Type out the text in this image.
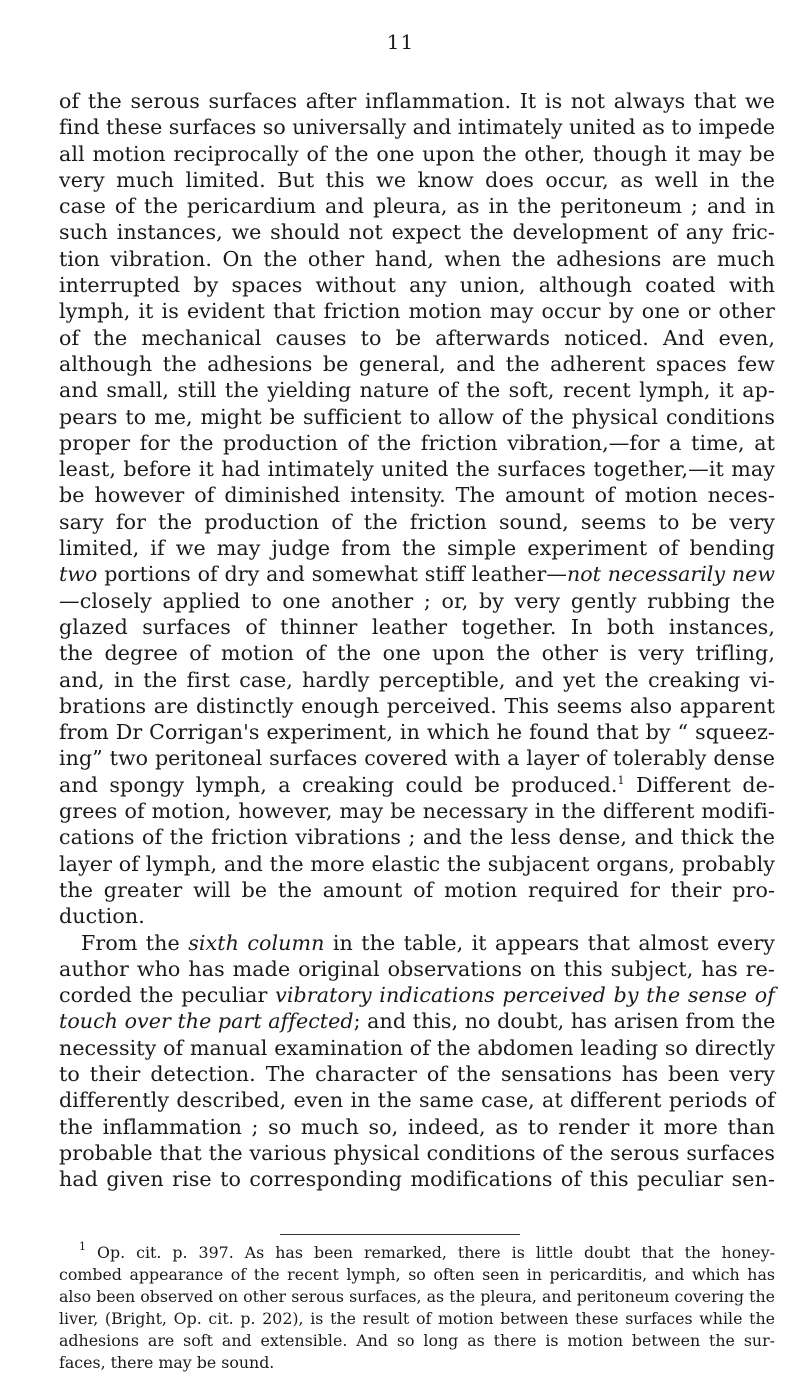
11
of the serous surfaces after inflammation. It is not always that we
find these surfaces so universally and intimately united as to impede
all motion reciprocally of the one upon the other, though it may be
very much limited. But this we know does occur, as well in the
case of the pericardium and pleura, as in the peritoneum ; and in
such instances, we should not expect the development of any fric-
tion vibration. On the other hand, when the adhesions are much
interrupted by spaces without any union, although coated with
lymph, it is evident that friction motion may occur by one or other
of the mechanical causes to be afterwards noticed. And even,
although the adhesions be general, and the adherent spaces few
and small, still the yielding nature of the soft, recent lymph, it ap-
pears to me, might be sufficient to allow of the physical conditions
proper for the production of the friction vibration,—for a time, at
least, before it had intimately united the surfaces together,—it may
be however of diminished intensity. The amount of motion neces-
sary for the production of the friction sound, seems to be very
limited, if we may judge from the simple experiment of bending
two portions of dry and somewhat stiff leather—not necessarily new
—closely applied to one another ; or, by very gently rubbing the
glazed surfaces of thinner leather together. In both instances,
the degree of motion of the one upon the other is very trifling,
and, in the first case, hardly perceptible, and yet the creaking vi-
brations are distinctly enough perceived. This seems also apparent
from Dr Corrigan's experiment, in which he found that by “ squeez-
ing” two peritoneal surfaces covered with a layer of tolerably dense
and spongy lymph, a creaking could be produced.$^1$ Different de-
grees of motion, however, may be necessary in the different modifi-
cations of the friction vibrations ; and the less dense, and thick the
layer of lymph, and the more elastic the subjacent organs, probably
the greater will be the amount of motion required for their pro-
duction.
From the sixth column in the table, it appears that almost every
author who has made original observations on this subject, has re-
corded the peculiar vibratory indications perceived by the sense of
touch over the part affected; and this, no doubt, has arisen from the
necessity of manual examination of the abdomen leading so directly
to their detection. The character of the sensations has been very
differently described, even in the same case, at different periods of
the inflammation ; so much so, indeed, as to render it more than
probable that the various physical conditions of the serous surfaces
had given rise to corresponding modifications of this peculiar sen-
$^1$ Op. cit. p. 397. As has been remarked, there is little doubt that the honey-
combed appearance of the recent lymph, so often seen in pericarditis, and which has
also been observed on other serous surfaces, as the pleura, and peritoneum covering the
liver, (Bright, Op. cit. p. 202), is the result of motion between these surfaces while the
adhesions are soft and extensible. And so long as there is motion between the sur-
faces, there may be sound.
